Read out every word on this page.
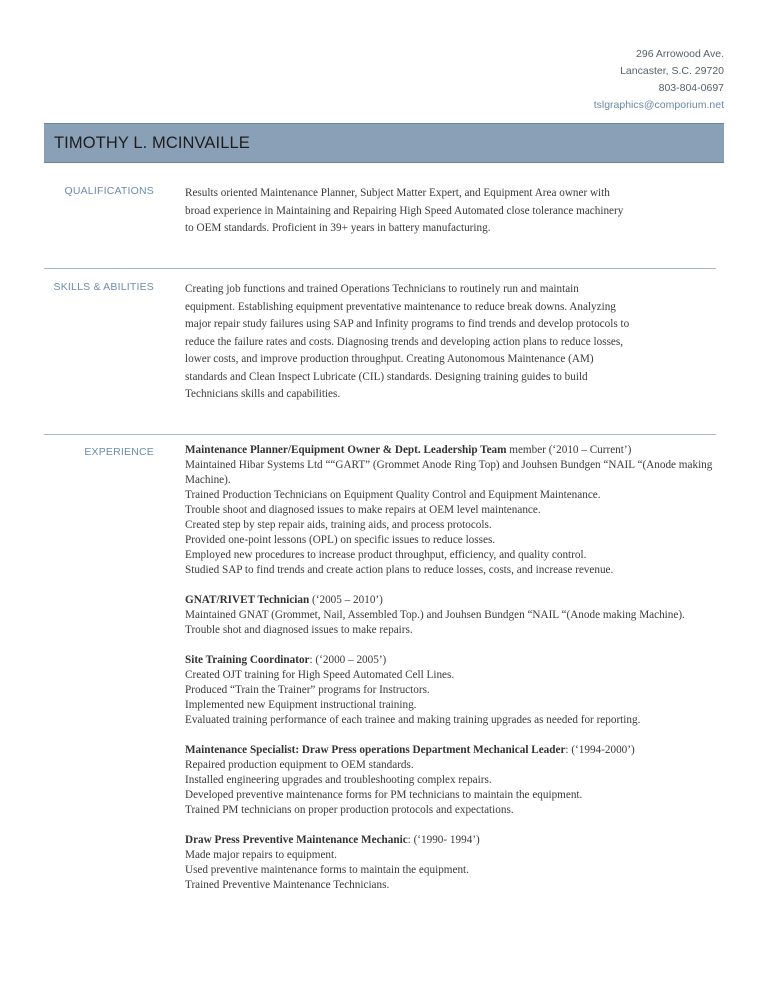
296 Arrowood Ave.
Lancaster, S.C. 29720
803-804-0697
tslgraphics@comporium.net
TIMOTHY L. MCINVAILLE
QUALIFICATIONS	Results oriented Maintenance Planner, Subject Matter Expert, and Equipment Area owner with broad experience in Maintaining and Repairing High Speed Automated close tolerance machinery to OEM standards. Proficient in 39+ years in battery manufacturing.
SKILLS & ABILITIES	Creating job functions and trained Operations Technicians to routinely run and maintain equipment. Establishing equipment preventative maintenance to reduce break downs. Analyzing major repair study failures using SAP and Infinity programs to find trends and develop protocols to reduce the failure rates and costs. Diagnosing trends and developing action plans to reduce losses, lower costs, and improve production throughput. Creating Autonomous Maintenance (AM) standards and Clean Inspect Lubricate (CIL) standards. Designing training guides to build Technicians skills and capabilities.
EXPERIENCE	Maintenance Planner/Equipment Owner & Dept. Leadership Team member (‘2010 – Current’)
Maintained Hibar Systems Ltd ““GART” (Grommet Anode Ring Top) and Jouhsen Bundgen “NAIL “(Anode making Machine).
Trained Production Technicians on Equipment Quality Control and Equipment Maintenance.
Trouble shoot and diagnosed issues to make repairs at OEM level maintenance.
Created step by step repair aids, training aids, and process protocols.
Provided one-point lessons (OPL) on specific issues to reduce losses.
Employed new procedures to increase product throughput, efficiency, and quality control.
Studied SAP to find trends and create action plans to reduce losses, costs, and increase revenue.
GNAT/RIVET Technician (‘2005 – 2010’)
Maintained GNAT (Grommet, Nail, Assembled Top.) and Jouhsen Bundgen “NAIL “(Anode making Machine).
Trouble shot and diagnosed issues to make repairs.
Site Training Coordinator: (‘2000 – 2005’)
Created OJT training for High Speed Automated Cell Lines.
Produced “Train the Trainer” programs for Instructors.
Implemented new Equipment instructional training.
Evaluated training performance of each trainee and making training upgrades as needed for reporting.
Maintenance Specialist: Draw Press operations Department Mechanical Leader: (‘1994-2000’)
Repaired production equipment to OEM standards.
Installed engineering upgrades and troubleshooting complex repairs.
Developed preventive maintenance forms for PM technicians to maintain the equipment.
Trained PM technicians on proper production protocols and expectations.
Draw Press Preventive Maintenance Mechanic: (‘1990- 1994’)
Made major repairs to equipment.
Used preventive maintenance forms to maintain the equipment.
Trained Preventive Maintenance Technicians.
